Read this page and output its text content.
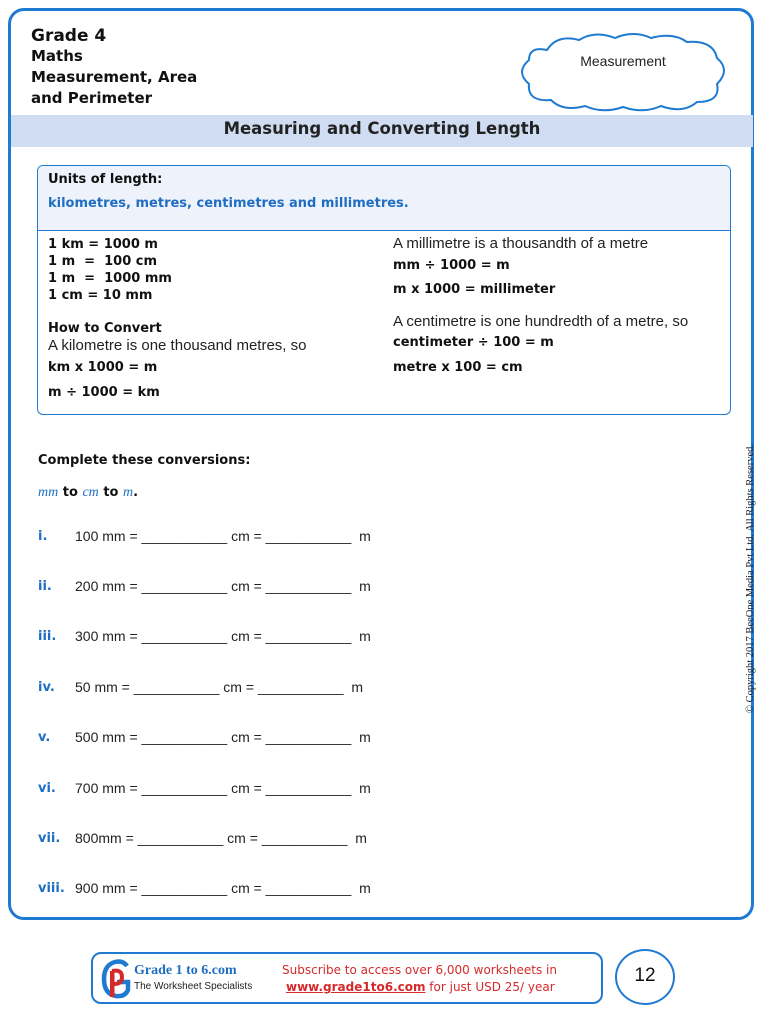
Grade 4
Maths
Measurement, Area
and Perimeter
Measurement
Measuring and Converting Length
Units of length:
kilometres, metres, centimetres and millimetres.
1 km = 1000 m
1 m  =  100 cm
1 m  =  1000 mm
1 cm = 10 mm
How to Convert
A kilometre is one thousand metres, so
km x 1000 = m
m ÷ 1000 = km
A millimetre is a thousandth of a metre
mm ÷ 1000 = m
m x 1000 = millimeter
A centimetre is one hundredth of a metre, so
centimeter ÷ 100 = m
metre x 100 = cm
Complete these conversions:
mm to cm to m.
i. 100 mm = ___________ cm = ___________  m
ii. 200 mm = ___________ cm = ___________  m
iii. 300 mm = ___________ cm = ___________  m
iv. 50 mm = ___________ cm = ___________  m
v. 500 mm = ___________ cm = ___________  m
vi. 700 mm = ___________ cm = ___________  m
vii. 800mm = ___________ cm = ___________  m
viii. 900 mm = ___________ cm = ___________  m
© Copyright 2017 BeeOne Media Pvt Ltd. All Rights Reserved.
Grade 1 to 6.com
The Worksheet Specialists
Subscribe to access over 6,000 worksheets in
www.grade1to6.com for just USD 25/ year
12
